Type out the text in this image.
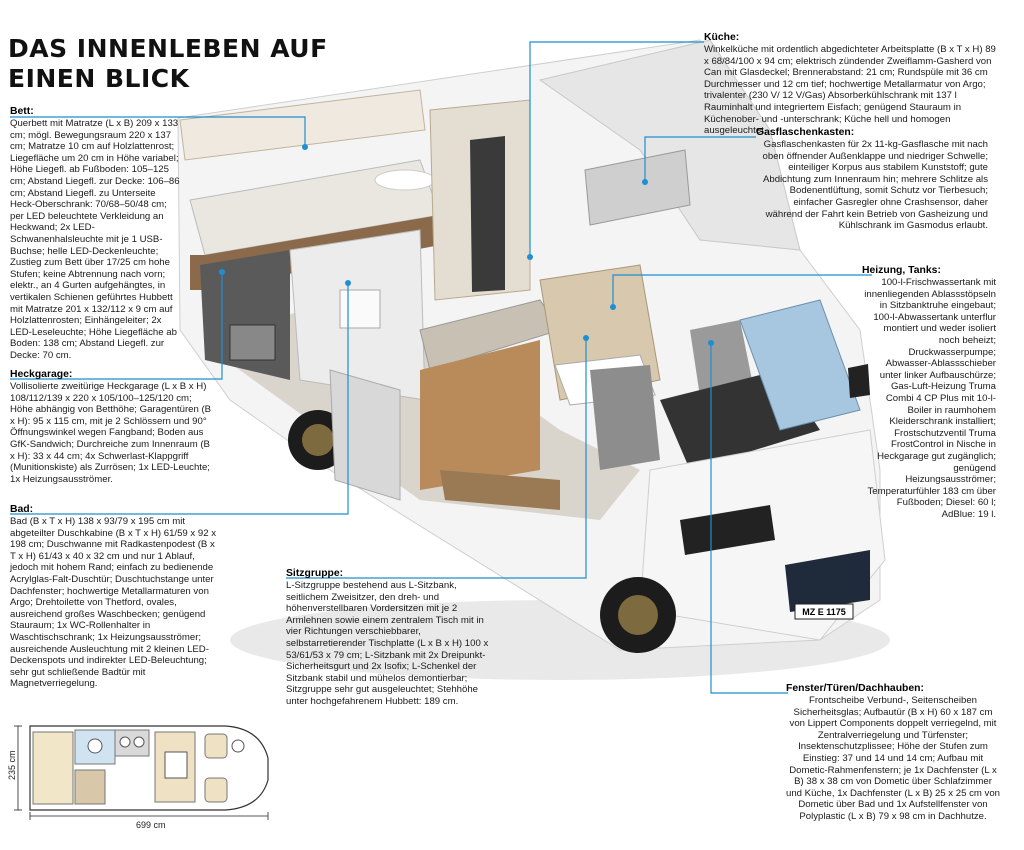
DAS INNENLEBEN AUF
EINEN BLICK
MZ E 1175
Bett:

Querbett mit Matratze (L x B) 209 x 133 cm; mögl. Bewegungsraum 220 x 137 cm; Matratze 10 cm auf Holzlattenrost; Liegefläche um 20 cm in Höhe variabel; Höhe Liegefl. ab Fußboden: 105–125 cm; Abstand Liegefl. zur Decke: 106–86 cm; Abstand Liegefl. zu Unterseite Heck-Oberschrank: 70/68–50/48 cm; per LED beleuchtete Verkleidung an Heckwand; 2x LED-Schwanenhalsleuchte mit je 1 USB-Buchse; helle LED-Deckenleuchte; Zustieg zum Bett über 17/25 cm hohe Stufen; keine Abtrennung nach vorn; elektr., an 4 Gurten aufgehängtes, in vertikalen Schienen geführtes Hubbett mit Matratze 201 x 132/112 x 9 cm auf Holzlattenrosten; Einhängeleiter; 2x LED-Leseleuchte; Höhe Liegefläche ab Boden: 138 cm; Abstand Liegefl. zur Decke: 70 cm.

Heckgarage:

Vollisolierte zweitürige Heckgarage (L x B x H) 108/112/139 x 220 x 105/100–125/120 cm; Höhe abhängig von Betthöhe; Garagentüren (B x H): 95 x 115 cm, mit je 2 Schlössern und 90° Öffnungswinkel wegen Fangband; Boden aus GfK-Sandwich; Durchreiche zum Innenraum (B x H): 33 x 44 cm; 4x Schwerlast-Klappgriff (Munitionskiste) als Zurrösen; 1x LED-Leuchte; 1x Heizungsausströmer.

Bad:

Bad (B x T x H) 138 x 93/79 x 195 cm mit abgeteilter Duschkabine (B x T x H) 61/59 x 92 x 198 cm; Duschwanne mit Radkastenpodest (B x T x H) 61/43 x 40 x 32 cm und nur 1 Ablauf, jedoch mit hohem Rand; einfach zu bedienende Acrylglas-Falt-Duschtür; Duschtuchstange unter Dachfenster; hochwertige Metallarmaturen von Argo; Drehtoilette von Thetford, ovales, ausreichend großes Waschbecken; genügend Stauraum; 1x WC-Rollenhalter in Waschtischschrank; 1x Heizungsausströmer; ausreichende Ausleuchtung mit 2 kleinen LED-Deckenspots und indirekter LED-Beleuchtung; sehr gut schließende Badtür mit Magnetverriegelung.

Sitzgruppe:

L-Sitzgruppe bestehend aus L-Sitzbank, seitlichem Zweisitzer, den dreh- und höhenverstellbaren Vordersitzen mit je 2 Armlehnen sowie einem zentralem Tisch mit in vier Richtungen verschiebbarer, selbstarretierender Tischplatte (L x B x H) 100 x 53/61/53 x 79 cm; L-Sitzbank mit 2x Dreipunkt-Sicherheitsgurt und 2x Isofix; L-Schenkel der Sitzbank stabil und mühelos demontierbar; Sitzgruppe sehr gut ausgeleuchtet; Stehhöhe unter hochgefahrenem Hubbett: 189 cm.

Küche:

Winkelküche mit ordentlich abgedichteter Arbeitsplatte (B x T x H) 89 x 68/84/100 x 94 cm; elektrisch zündender Zweiflamm-Gasherd von Can mit Glasdeckel; Brennerabstand: 21 cm; Rundspüle mit 36 cm Durchmesser und 12 cm tief; hochwertige Metallarmatur von Argo; trivalenter (230 V/ 12 V/Gas) Absorberkühlschrank mit 137 l Rauminhalt und integriertem Eisfach; genügend Stauraum in Küchenober- und -unterschrank; Küche hell und homogen ausgeleuchtet.

Gasflaschenkasten:

Gasflaschenkasten für 2x 11-kg-Gasflasche mit nach oben öffnender Außenklappe und niedriger Schwelle; einteiliger Korpus aus stabilem Kunststoff; gute Abdichtung zum Innenraum hin; mehrere Schlitze als Bodenentlüftung, somit Schutz vor Tierbesuch; einfacher Gasregler ohne Crashsensor, daher während der Fahrt kein Betrieb von Gasheizung und Kühlschrank im Gasmodus erlaubt.

Heizung, Tanks:

100-l-Frischwassertank mit innenliegenden Ablassstöpseln in Sitzbanktruhe eingebaut; 100-l-Abwassertank unterflur montiert und weder isoliert noch beheizt; Druckwasserpumpe; Abwasser-Ablassschieber unter linker Aufbauschürze; Gas-Luft-Heizung Truma Combi 4 CP Plus mit 10-l-Boiler in raumhohem Kleiderschrank installiert; Frostschutzventil Truma FrostControl in Nische in Heckgarage gut zugänglich; genügend Heizungsausströmer; Temperaturfühler 183 cm über Fußboden; Diesel: 60 l; AdBlue: 19 l.

Fenster/Türen/Dachhauben:

Frontscheibe Verbund-, Seitenscheiben Sicherheitsglas; Aufbautür (B x H) 60 x 187 cm von Lippert Components doppelt verriegelnd, mit Zentralverriegelung und Türfenster; Insektenschutzplissee; Höhe der Stufen zum Einstieg: 37 und 14 und 14 cm; Aufbau mit Dometic-Rahmenfenstern; je 1x Dachfenster (L x B) 38 x 38 cm von Dometic über Schlafzimmer und Küche, 1x Dachfenster (L x B) 25 x 25 cm von Dometic über Bad und 1x Aufstellfenster von Polyplastic (L x B) 79 x 98 cm in Dachhutze.

235 cm
699 cm
